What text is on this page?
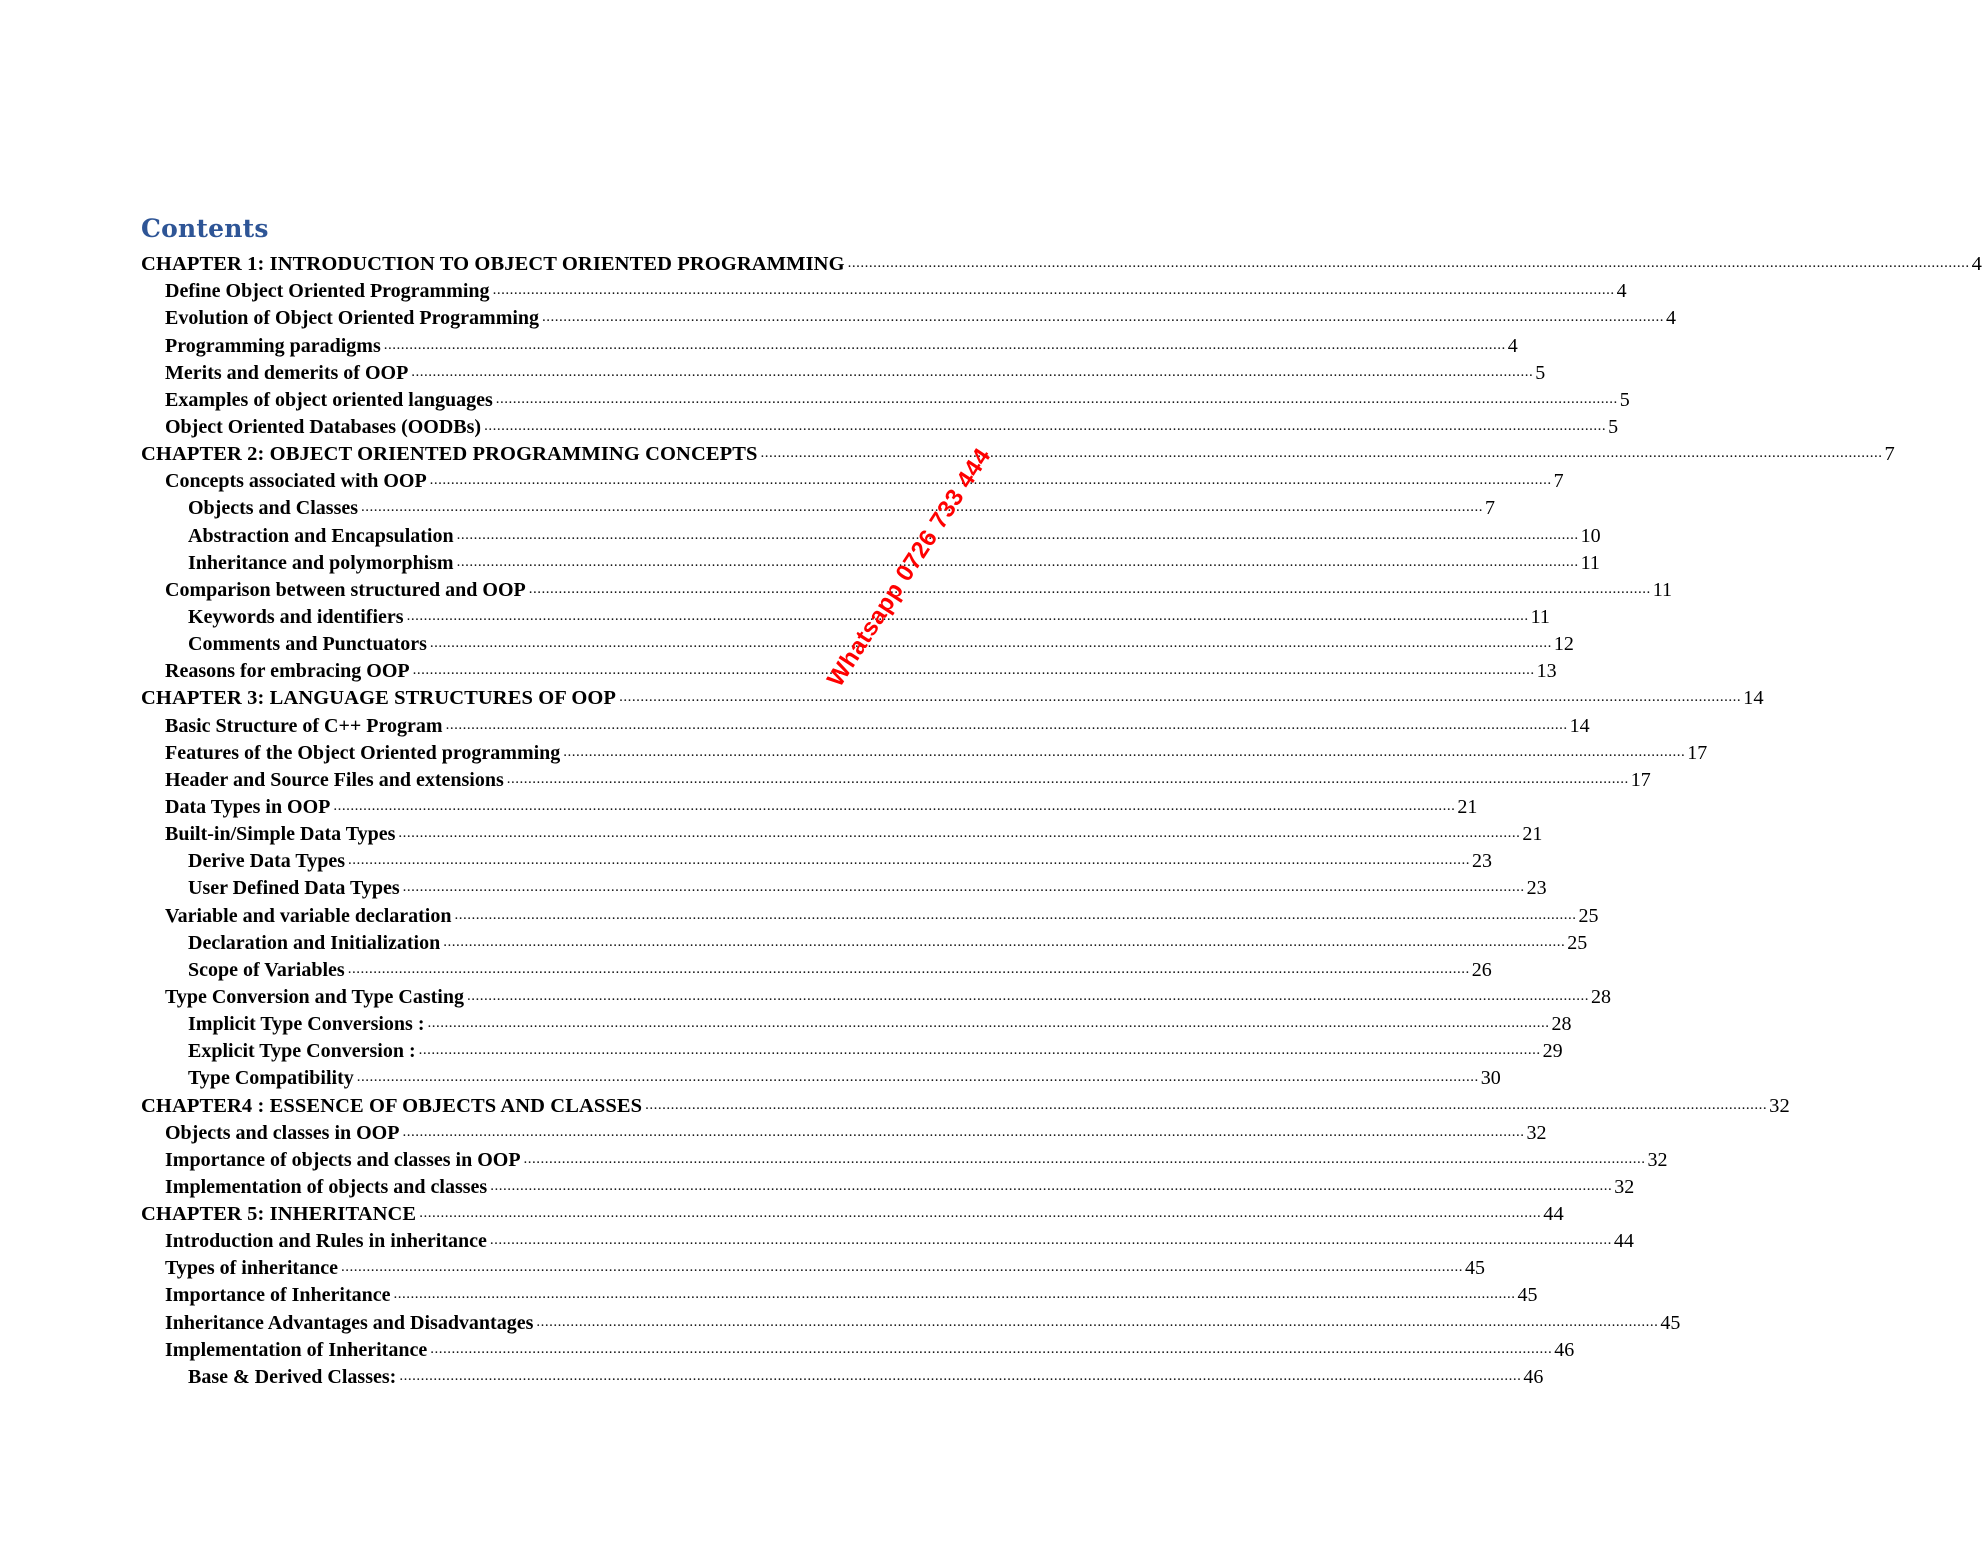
Contents
CHAPTER 1: INTRODUCTION TO OBJECT ORIENTED PROGRAMMING ........................................................................................................................................................................................................................................................................ 4
Define Object Oriented Programming ........................................................................................................................................................................................................................................................................ 4
Evolution of Object Oriented Programming ........................................................................................................................................................................................................................................................................ 4
Programming paradigms ........................................................................................................................................................................................................................................................................ 4
Merits and demerits of OOP ........................................................................................................................................................................................................................................................................ 5
Examples of object oriented languages ........................................................................................................................................................................................................................................................................ 5
Object Oriented Databases (OODBs) ........................................................................................................................................................................................................................................................................ 5
CHAPTER 2: OBJECT ORIENTED PROGRAMMING CONCEPTS ........................................................................................................................................................................................................................................................................ 7
Concepts associated with OOP ........................................................................................................................................................................................................................................................................ 7
Objects and Classes ........................................................................................................................................................................................................................................................................ 7
Abstraction and Encapsulation ........................................................................................................................................................................................................................................................................ 10
Inheritance and polymorphism ........................................................................................................................................................................................................................................................................ 11
Comparison between structured and OOP ........................................................................................................................................................................................................................................................................ 11
Keywords and identifiers ........................................................................................................................................................................................................................................................................ 11
Comments and Punctuators ........................................................................................................................................................................................................................................................................ 12
Reasons for embracing OOP ........................................................................................................................................................................................................................................................................ 13
CHAPTER 3: LANGUAGE STRUCTURES OF OOP ........................................................................................................................................................................................................................................................................ 14
Basic Structure of C++ Program ........................................................................................................................................................................................................................................................................ 14
Features of the Object Oriented programming ........................................................................................................................................................................................................................................................................ 17
Header and Source Files and extensions ........................................................................................................................................................................................................................................................................ 17
Data Types in OOP ........................................................................................................................................................................................................................................................................ 21
Built-in/Simple Data Types ........................................................................................................................................................................................................................................................................ 21
Derive Data Types ........................................................................................................................................................................................................................................................................ 23
User Defined Data Types ........................................................................................................................................................................................................................................................................ 23
Variable and variable declaration ........................................................................................................................................................................................................................................................................ 25
Declaration and Initialization ........................................................................................................................................................................................................................................................................ 25
Scope of Variables ........................................................................................................................................................................................................................................................................ 26
Type Conversion and Type Casting ........................................................................................................................................................................................................................................................................ 28
Implicit Type Conversions : ........................................................................................................................................................................................................................................................................ 28
Explicit Type Conversion : ........................................................................................................................................................................................................................................................................ 29
Type Compatibility ........................................................................................................................................................................................................................................................................ 30
CHAPTER4 : ESSENCE OF OBJECTS AND CLASSES ........................................................................................................................................................................................................................................................................ 32
Objects and classes in OOP ........................................................................................................................................................................................................................................................................ 32
Importance of objects and classes in OOP ........................................................................................................................................................................................................................................................................ 32
Implementation of objects and classes ........................................................................................................................................................................................................................................................................ 32
CHAPTER 5: INHERITANCE ........................................................................................................................................................................................................................................................................ 44
Introduction and Rules in inheritance ........................................................................................................................................................................................................................................................................ 44
Types of inheritance ........................................................................................................................................................................................................................................................................ 45
Importance of Inheritance ........................................................................................................................................................................................................................................................................ 45
Inheritance Advantages and Disadvantages ........................................................................................................................................................................................................................................................................ 45
Implementation of Inheritance ........................................................................................................................................................................................................................................................................ 46
Base & Derived Classes: ........................................................................................................................................................................................................................................................................ 46
Whatsapp 0726 733 444
